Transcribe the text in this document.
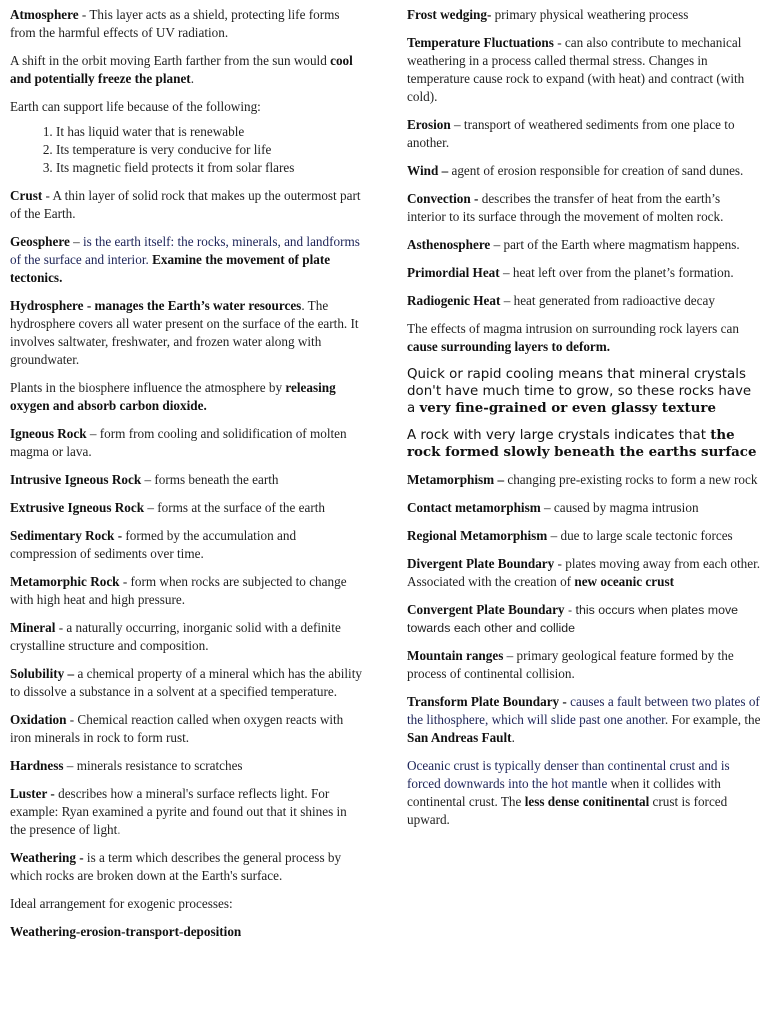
Atmosphere - This layer acts as a shield, protecting life forms from the harmful effects of UV radiation.

A shift in the orbit moving Earth farther from the sun would cool and potentially freeze the planet.

Earth can support life because of the following:

1. It has liquid water that is renewable
2. Its temperature is very conducive for life
3. Its magnetic field protects it from solar flares

Crust - A thin layer of solid rock that makes up the outermost part of the Earth.

Geosphere – is the earth itself: the rocks, minerals, and landforms of the surface and interior. Examine the movement of plate tectonics.

Hydrosphere - manages the Earth’s water resources. The hydrosphere covers all water present on the surface of the earth. It involves saltwater, freshwater, and frozen water along with groundwater.

Plants in the biosphere influence the atmosphere by releasing oxygen and absorb carbon dioxide.

Igneous Rock – form from cooling and solidification of molten magma or lava.

Intrusive Igneous Rock – forms beneath the earth

Extrusive Igneous Rock – forms at the surface of the earth

Sedimentary Rock - formed by the accumulation and compression of sediments over time.

Metamorphic Rock - form when rocks are subjected to change with high heat and high pressure.

Mineral - a naturally occurring, inorganic solid with a definite crystalline structure and composition.

Solubility – a chemical property of a mineral which has the ability to dissolve a substance in a solvent at a specified temperature.

Oxidation - Chemical reaction called when oxygen reacts with iron minerals in rock to form rust.

Hardness – minerals resistance to scratches

Luster - describes how a mineral's surface reflects light. For example: Ryan examined a pyrite and found out that it shines in the presence of light.

Weathering - is a term which describes the general process by which rocks are broken down at the Earth's surface.

Ideal arrangement for exogenic processes:

Weathering-erosion-transport-deposition

Frost wedging- primary physical weathering process

Temperature Fluctuations - can also contribute to mechanical weathering in a process called thermal stress. Changes in temperature cause rock to expand (with heat) and contract (with cold).

Erosion – transport of weathered sediments from one place to another.

Wind – agent of erosion responsible for creation of sand dunes.

Convection - describes the transfer of heat from the earth’s interior to its surface through the movement of molten rock.

Asthenosphere – part of the Earth where magmatism happens.

Primordial Heat – heat left over from the planet’s formation.

Radiogenic Heat – heat generated from radioactive decay

The effects of magma intrusion on surrounding rock layers can cause surrounding layers to deform.

Quick or rapid cooling means that mineral crystals don't have much time to grow, so these rocks have a very fine-grained or even glassy texture

A rock with very large crystals indicates that the rock formed slowly beneath the earths surface

Metamorphism – changing pre-existing rocks to form a new rock

Contact metamorphism – caused by magma intrusion

Regional Metamorphism – due to large scale tectonic forces

Divergent Plate Boundary - plates moving away from each other. Associated with the creation of new oceanic crust

Convergent Plate Boundary - this occurs when plates move towards each other and collide

Mountain ranges – primary geological feature formed by the process of continental collision.

Transform Plate Boundary - causes a fault between two plates of the lithosphere, which will slide past one another. For example, the San Andreas Fault.

Oceanic crust is typically denser than continental crust and is forced downwards into the hot mantle when it collides with continental crust. The less dense conitinental crust is forced upward.
